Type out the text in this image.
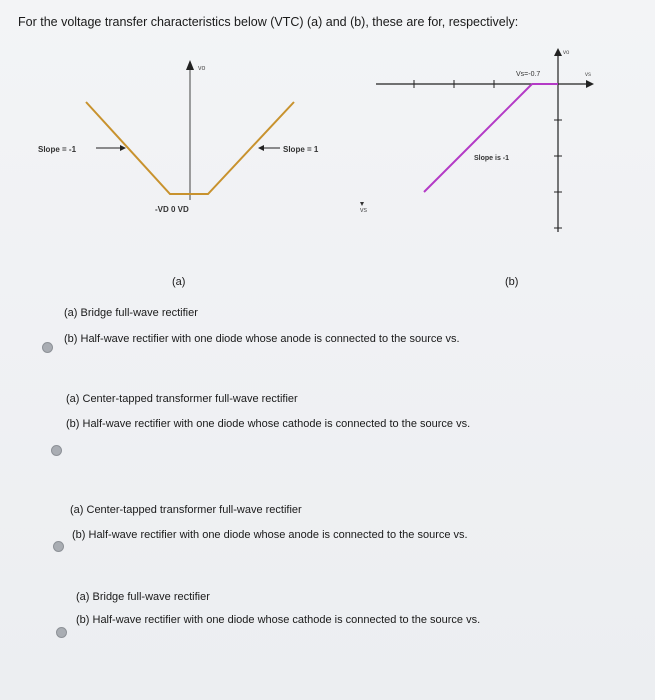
For the voltage transfer characteristics below (VTC) (a) and (b), these are for, respectively:
vo
Slope = -1	Slope = 1
-VD 0 VD	vs
vs
vo
Vs=-0.7
Slope is -1
(a)	(b)
(a) Bridge full-wave rectifier
(b) Half-wave rectifier with one diode whose anode is connected to the source vs.
(a) Center-tapped transformer full-wave rectifier
(b) Half-wave rectifier with one diode whose cathode is connected to the source vs.
(a) Center-tapped transformer full-wave rectifier
(b) Half-wave rectifier with one diode whose anode is connected to the source vs.
(a) Bridge full-wave rectifier
(b) Half-wave rectifier with one diode whose cathode is connected to the source vs.
